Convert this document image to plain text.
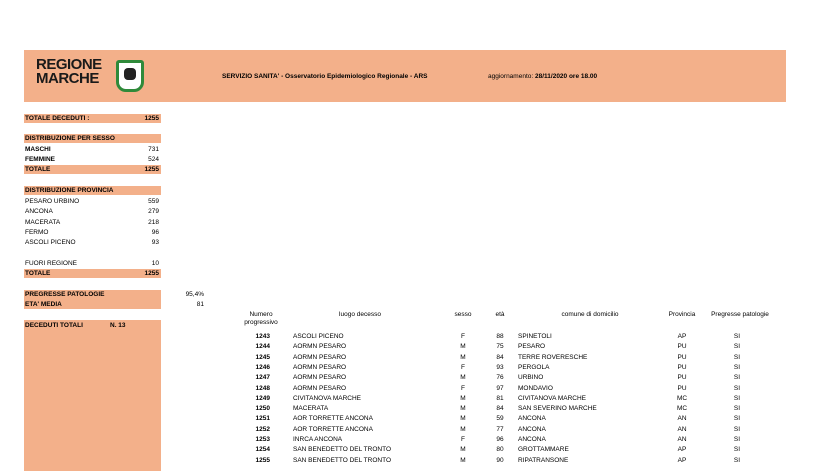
REGIONE
MARCHE	SERVIZIO SANITA' - Osservatorio Epidemiologico Regionale - ARS	aggiornamento: 28/11/2020 ore 18.00
TOTALE DECEDUTI :	1255
DISTRIBUZIONE PER SESSO
MASCHI	731
FEMMINE	524
TOTALE	1255
DISTRIBUZIONE PROVINCIA
PESARO URBINO	559
ANCONA	279
MACERATA	218
FERMO	96
ASCOLI PICENO	93
FUORI REGIONE	10
TOTALE	1255
PREGRESSE PATOLOGIE	95,4%
ETA' MEDIA	81
DECEDUTI TOTALI	N. 13
Numero
progressivo
luogo decesso	sesso	età	comune di domicilio	Provincia	Pregresse patologie
1243	ASCOLI PICENO	F	88	SPINETOLI	AP	SI
1244	AORMN PESARO	M	75	PESARO	PU	SI
1245	AORMN PESARO	M	84	TERRE ROVERESCHE	PU	SI
1246	AORMN PESARO	F	93	PERGOLA	PU	SI
1247	AORMN PESARO	M	76	URBINO	PU	SI
1248	AORMN PESARO	F	97	MONDAVIO	PU	SI
1249	CIVITANOVA MARCHE	M	81	CIVITANOVA MARCHE	MC	SI
1250	MACERATA	M	84	SAN SEVERINO MARCHE	MC	SI
1251	AOR TORRETTE ANCONA	M	59	ANCONA	AN	SI
1252	AOR TORRETTE ANCONA	M	77	ANCONA	AN	SI
1253	INRCA ANCONA	F	96	ANCONA	AN	SI
1254	SAN BENEDETTO DEL TRONTO	M	80	GROTTAMMARE	AP	SI
1255	SAN BENEDETTO DEL TRONTO	M	90	RIPATRANSONE	AP	SI
